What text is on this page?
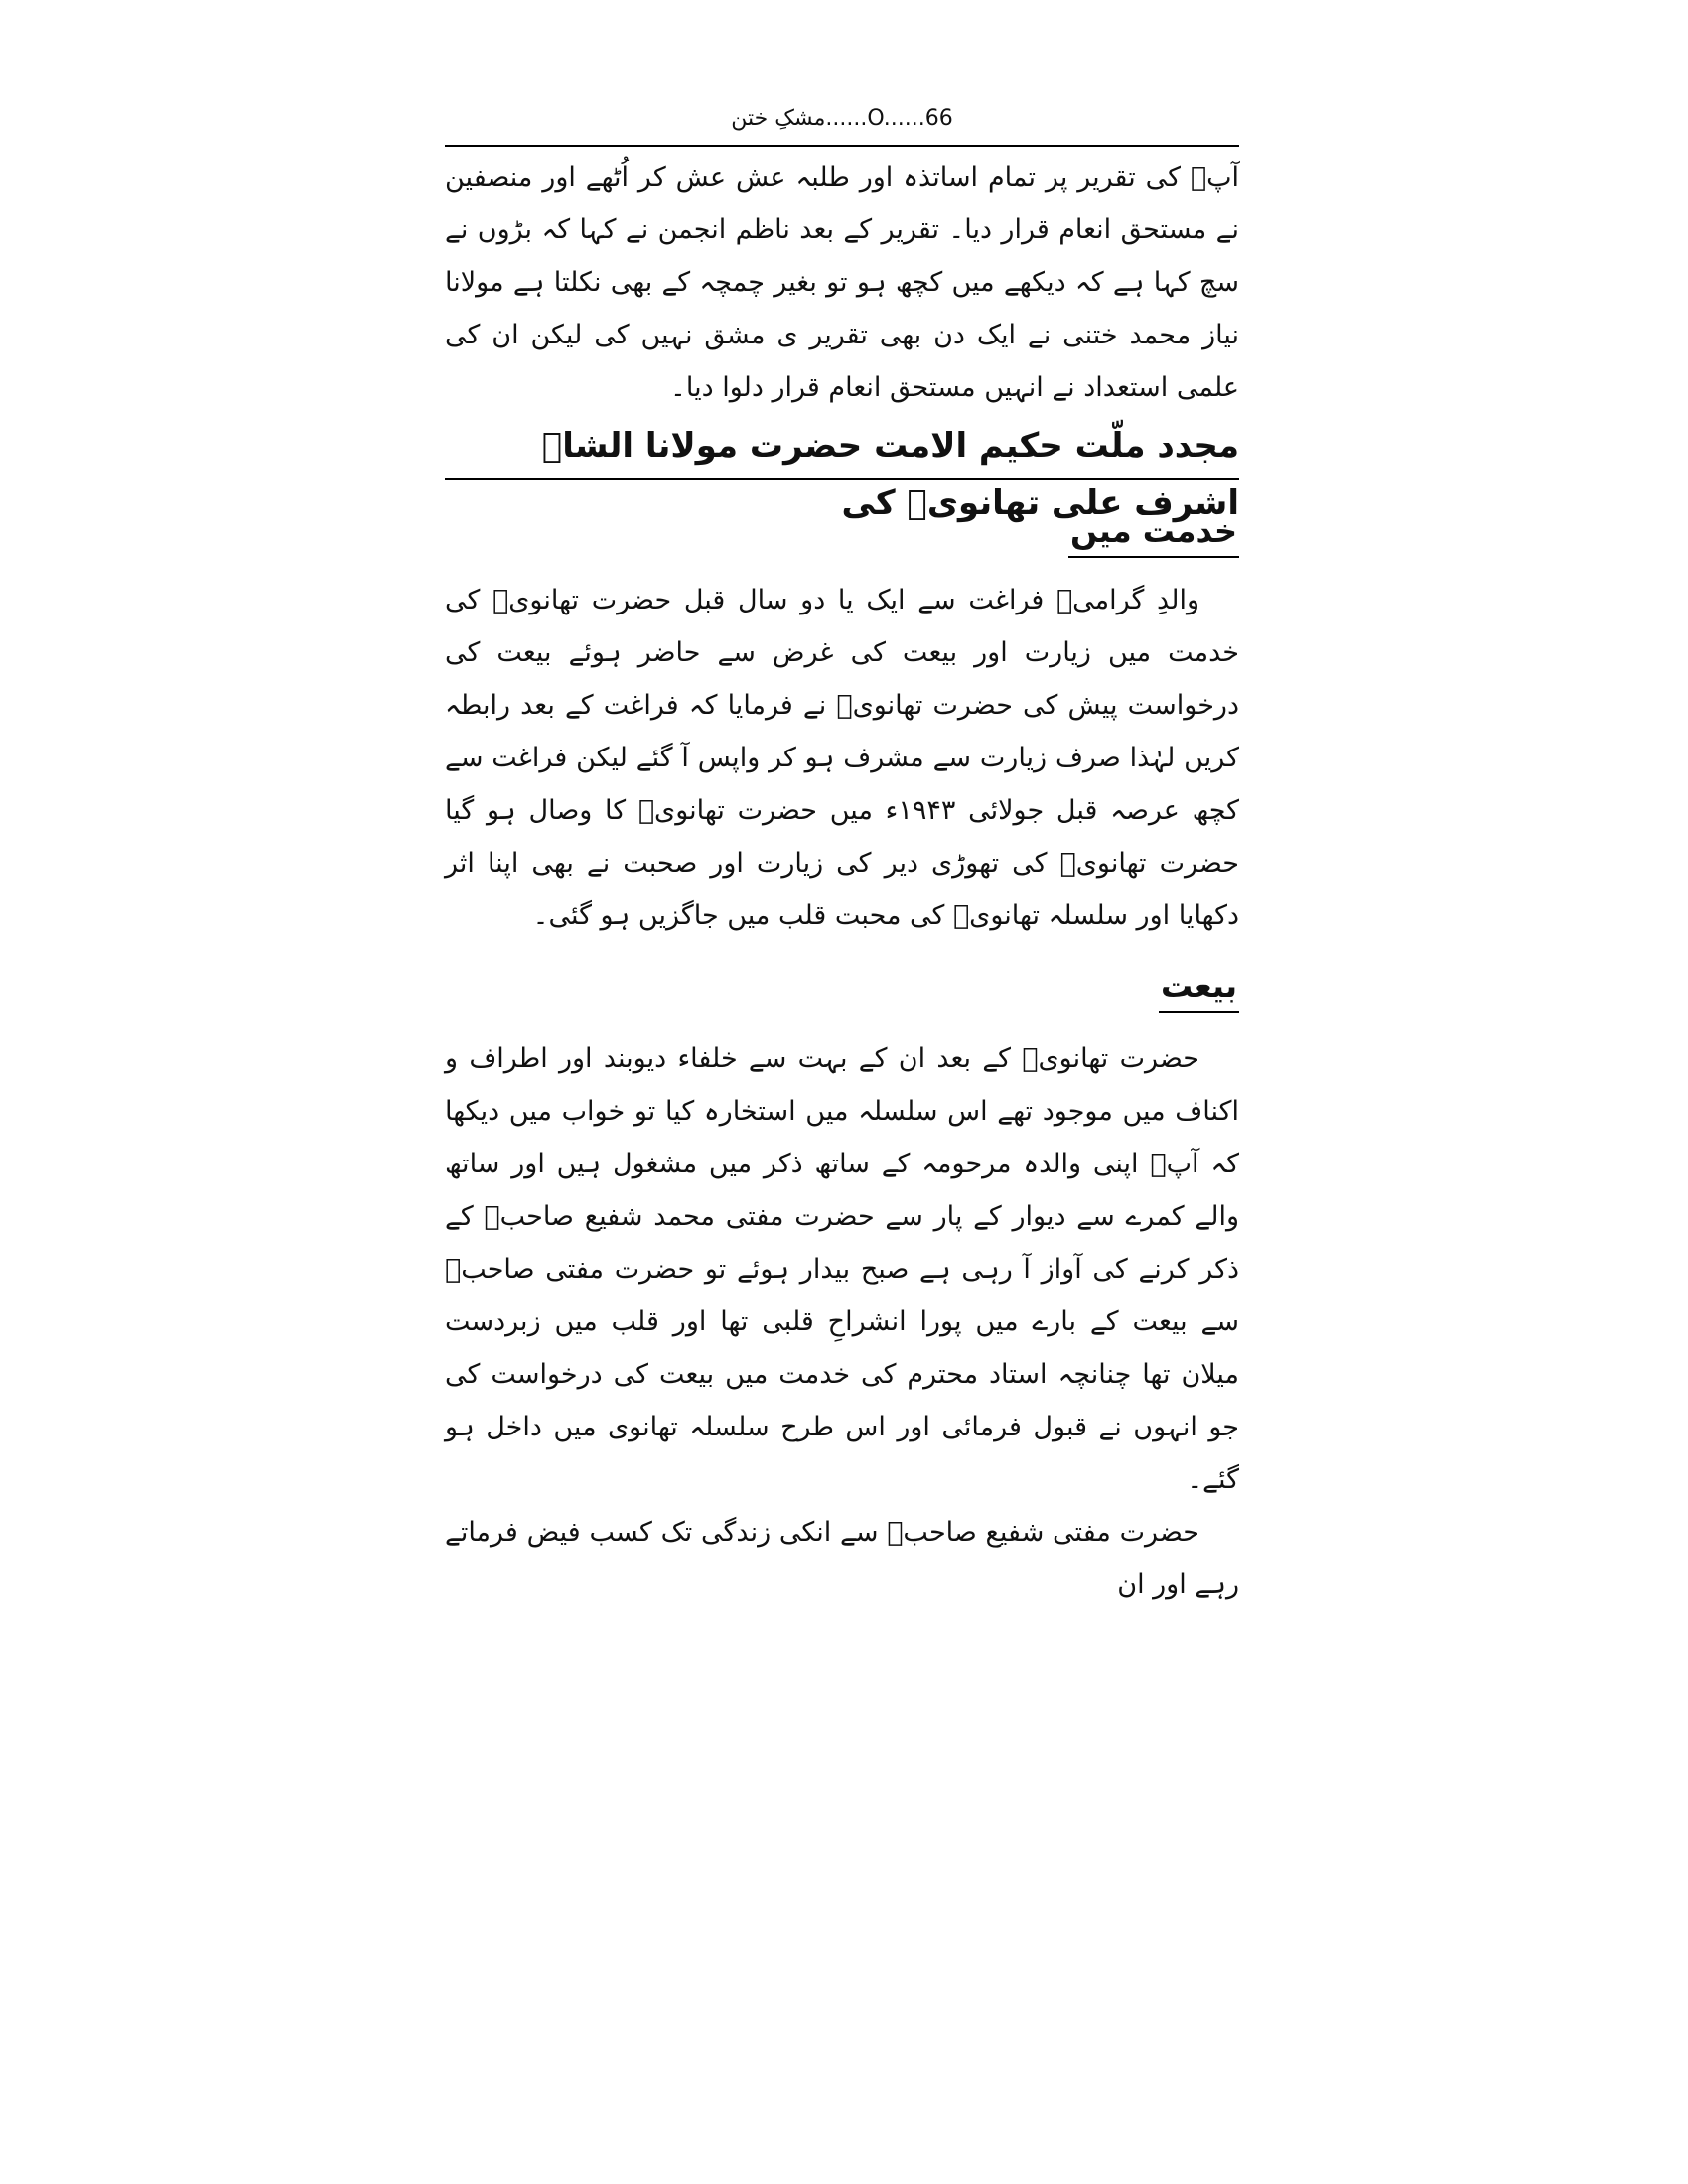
مشکِ ختن......O......66

آپؒ کی تقریر پر تمام اساتذہ اور طلبہ عش عش کر اُٹھے اور منصفین نے مستحق انعام قرار دیا۔ تقریر کے بعد ناظم انجمن نے کہا کہ بڑوں نے سچ کہا ہے کہ دیکھے میں کچھ ہو تو بغیر چمچہ کے بھی نکلتا ہے مولانا نیاز محمد ختنی نے ایک دن بھی تقریر ی مشق نہیں کی لیکن ان کی علمی استعداد نے انہیں مستحق انعام قرار دلوا دیا۔

مجدد ملّت حکیم الامت حضرت مولانا الشاہ اشرف علی تھانویؒ کی
خدمت میں

والدِ گرامیؒ فراغت سے ایک یا دو سال قبل حضرت تھانویؒ کی خدمت میں زیارت اور بیعت کی غرض سے حاضر ہوئے بیعت کی درخواست پیش کی حضرت تھانویؒ نے فرمایا کہ فراغت کے بعد رابطہ کریں لہٰذا صرف زیارت سے مشرف ہو کر واپس آ گئے لیکن فراغت سے کچھ عرصہ قبل جولائی ۱۹۴۳ء میں حضرت تھانویؒ کا وصال ہو گیا حضرت تھانویؒ کی تھوڑی دیر کی زیارت اور صحبت نے بھی اپنا اثر دکھایا اور سلسلہ تھانویؒ کی محبت قلب میں جاگزیں ہو گئی۔

بیعت

حضرت تھانویؒ کے بعد ان کے بہت سے خلفاء دیوبند اور اطراف و اکناف میں موجود تھے اس سلسلہ میں استخارہ کیا تو خواب میں دیکھا کہ آپؒ اپنی والدہ مرحومہ کے ساتھ ذکر میں مشغول ہیں اور ساتھ والے کمرے سے دیوار کے پار سے حضرت مفتی محمد شفیع صاحبؒ کے ذکر کرنے کی آواز آ رہی ہے صبح بیدار ہوئے تو حضرت مفتی صاحبؒ سے بیعت کے بارے میں پورا انشراحِ قلبی تھا اور قلب میں زبردست میلان تھا چنانچہ استاد محترم کی خدمت میں بیعت کی درخواست کی جو انہوں نے قبول فرمائی اور اس طرح سلسلہ تھانوی میں داخل ہو گئے۔

حضرت مفتی شفیع صاحبؒ سے انکی زندگی تک کسب فیض فرماتے رہے اور ان
